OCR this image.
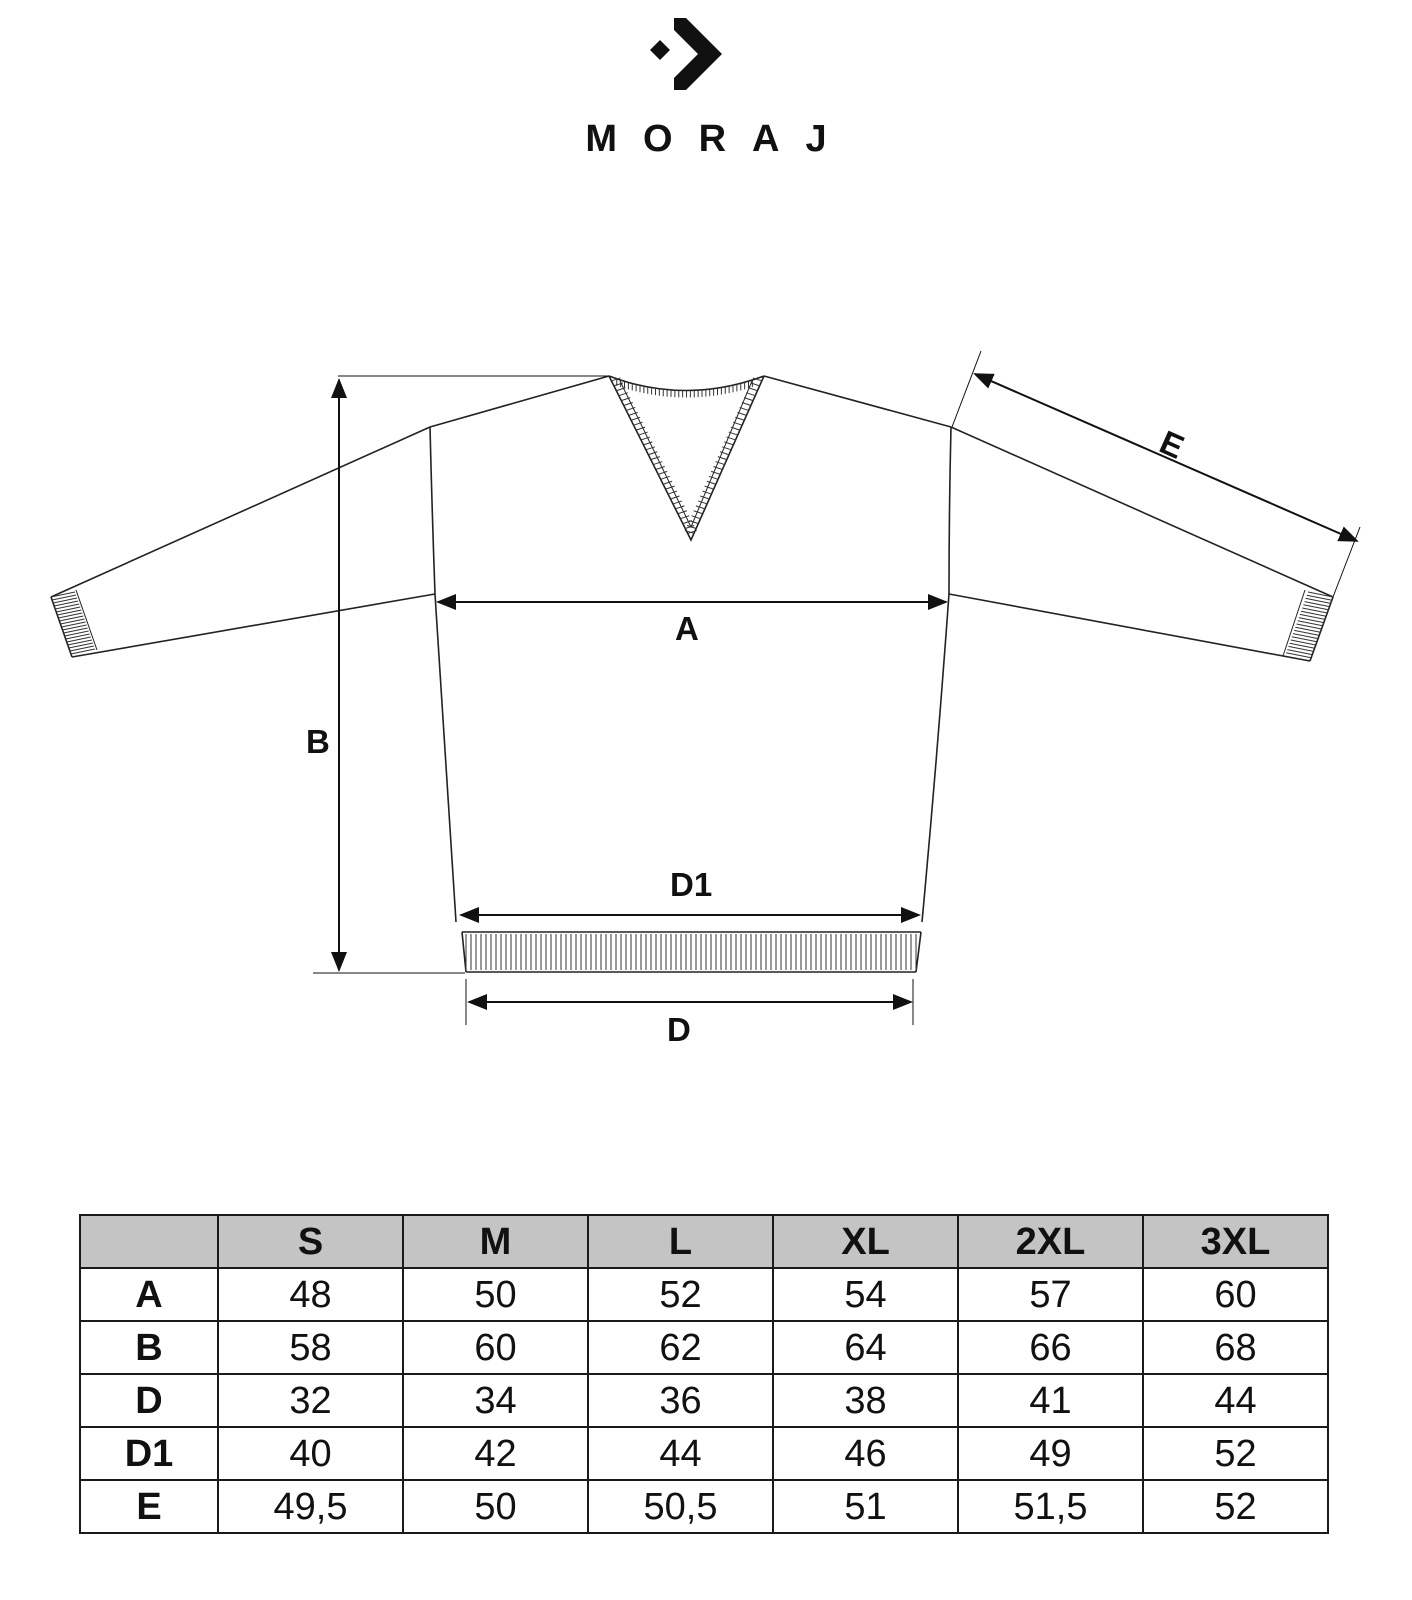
MORAJ
A
B
D1
D
E
	S	M	L	XL	2XL	3XL
A	48	50	52	54	57	60
B	58	60	62	64	66	68
D	32	34	36	38	41	44
D1	40	42	44	46	49	52
E	49,5	50	50,5	51	51,5	52
